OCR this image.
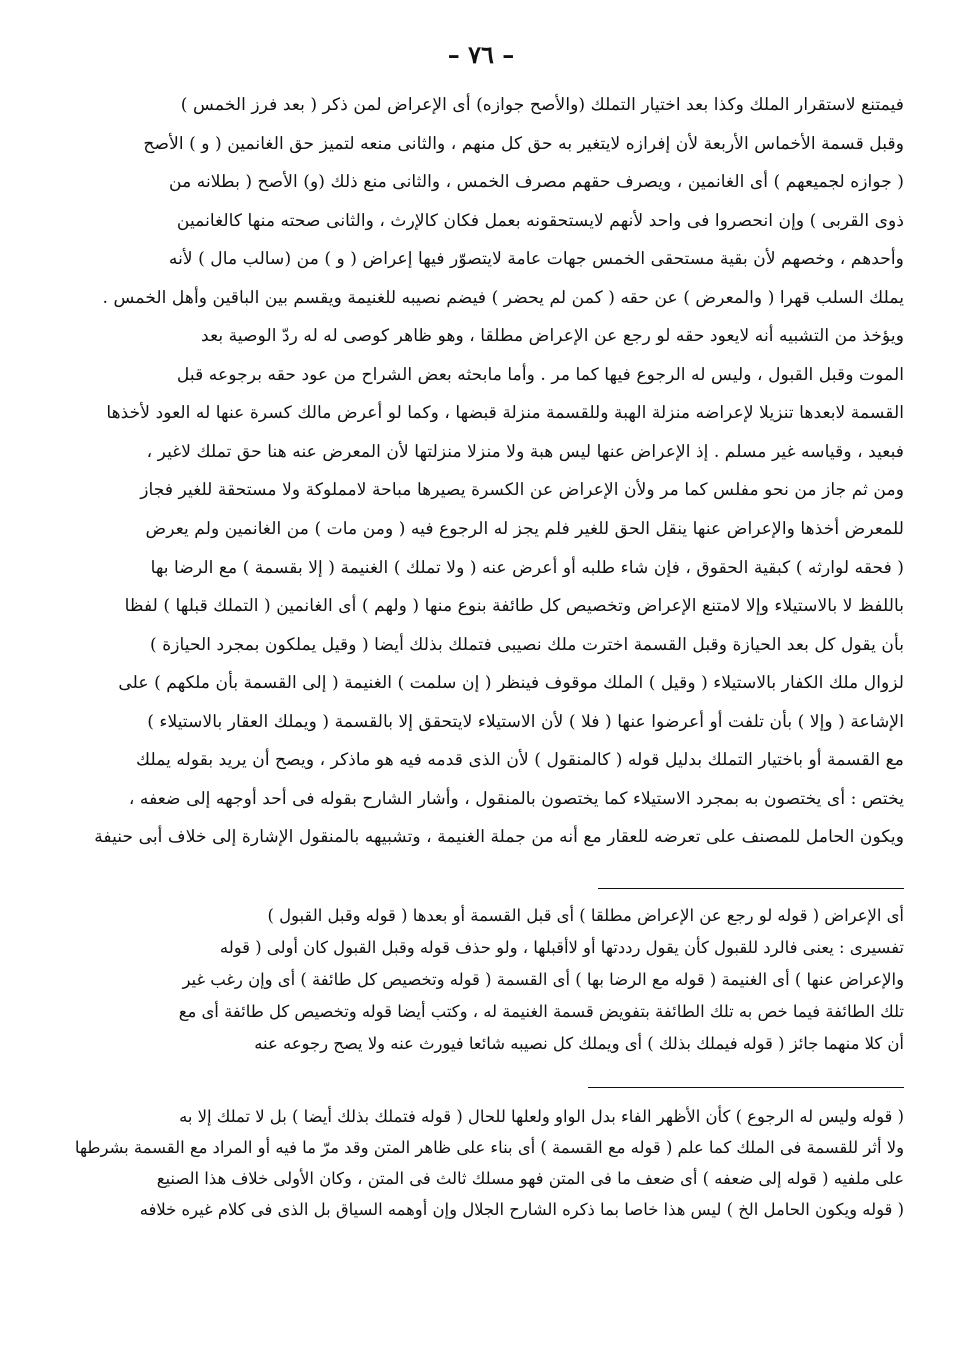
– ٧٦ –
فيمتنع لاستقرار الملك وكذا بعد اختيار التملك (والأصح جوازه) أى الإعراض لمن ذكر ( بعد فرز الخمس )
وقبل قسمة الأخماس الأربعة لأن إفرازه لايتغير به حق كل منهم ، والثانى منعه لتميز حق الغانمين ( و ) الأصح
( جوازه لجميعهم ) أى الغانمين ، ويصرف حقهم مصرف الخمس ، والثانى منع ذلك (و) الأصح ( بطلانه من
ذوى القربى ) وإن انحصروا فى واحد لأنهم لايستحقونه بعمل فكان كالإرث ، والثانى صحته منها كالغانمين
وأحدهم ، وخصهم لأن بقية مستحقى الخمس جهات عامة لايتصوّر فيها إعراض ( و ) من (سالب مال ) لأنه
يملك السلب قهرا ( والمعرض ) عن حقه ( كمن لم يحضر ) فيضم نصيبه للغنيمة ويقسم بين الباقين وأهل الخمس .
ويؤخذ من التشبيه أنه لايعود حقه لو رجع عن الإعراض مطلقا ، وهو ظاهر كوصى له له ردّ الوصية بعد
الموت وقبل القبول ، وليس له الرجوع فيها كما مر . وأما مابحثه بعض الشراح من عود حقه برجوعه قبل
القسمة لابعدها تنزيلا لإعراضه منزلة الهبة وللقسمة منزلة قبضها ، وكما لو أعرض مالك كسرة عنها له العود لأخذها
فبعيد ، وقياسه غير مسلم . إذ الإعراض عنها ليس هبة ولا منزلا منزلتها لأن المعرض عنه هنا حق تملك لاغير ،
ومن ثم جاز من نحو مفلس كما مر ولأن الإعراض عن الكسرة يصيرها مباحة لامملوكة ولا مستحقة للغير فجاز
للمعرض أخذها والإعراض عنها ينقل الحق للغير فلم يجز له الرجوع فيه ( ومن مات ) من الغانمين ولم يعرض
( فحقه لوارثه ) كبقية الحقوق ، فإن شاء طلبه أو أعرض عنه ( ولا تملك ) الغنيمة ( إلا بقسمة ) مع الرضا بها
باللفظ لا بالاستيلاء وإلا لامتنع الإعراض وتخصيص كل طائفة بنوع منها ( ولهم ) أى الغانمين ( التملك قبلها ) لفظا
بأن يقول كل بعد الحيازة وقبل القسمة اخترت ملك نصيبى فتملك بذلك أيضا ( وقيل يملكون بمجرد الحيازة )
لزوال ملك الكفار بالاستيلاء ( وقيل ) الملك موقوف فينظر ( إن سلمت ) الغنيمة ( إلى القسمة بأن ملكهم ) على
الإشاعة ( وإلا ) بأن تلفت أو أعرضوا عنها ( فلا ) لأن الاستيلاء لايتحقق إلا بالقسمة ( ويملك العقار بالاستيلاء )
مع القسمة أو باختيار التملك بدليل قوله ( كالمنقول ) لأن الذى قدمه فيه هو ماذكر ، ويصح أن يريد بقوله يملك
يختص : أى يختصون به بمجرد الاستيلاء كما يختصون بالمنقول ، وأشار الشارح بقوله فى أحد أوجهه إلى ضعفه ،
ويكون الحامل للمصنف على تعرضه للعقار مع أنه من جملة الغنيمة ، وتشبيهه بالمنقول الإشارة إلى خلاف أبى حنيفة
أى الإعراض ( قوله لو رجع عن الإعراض مطلقا ) أى قبل القسمة أو بعدها ( قوله وقبل القبول )
تفسيرى : يعنى فالرد للقبول كأن يقول رددتها أو لاأقبلها ، ولو حذف قوله وقبل القبول كان أولى ( قوله
والإعراض عنها ) أى الغنيمة ( قوله مع الرضا بها ) أى القسمة ( قوله وتخصيص كل طائفة ) أى وإن رغب غير
تلك الطائفة فيما خص به تلك الطائفة بتفويض قسمة الغنيمة له ، وكتب أيضا قوله وتخصيص كل طائفة أى مع
أن كلا منهما جائز ( قوله فيملك بذلك ) أى ويملك كل نصيبه شائعا فيورث عنه ولا يصح رجوعه عنه
( قوله وليس له الرجوع ) كأن الأظهر الفاء بدل الواو ولعلها للحال ( قوله فتملك بذلك أيضا ) بل لا تملك إلا به
ولا أثر للقسمة فى الملك كما علم ( قوله مع القسمة ) أى بناء على ظاهر المتن وقد مرّ ما فيه أو المراد مع القسمة بشرطها
على ملفيه ( قوله إلى ضعفه ) أى ضعف ما فى المتن فهو مسلك ثالث فى المتن ، وكان الأولى خلاف هذا الصنيع
( قوله ويكون الحامل الخ ) ليس هذا خاصا بما ذكره الشارح الجلال وإن أوهمه السياق بل الذى فى كلام غيره خلافه
